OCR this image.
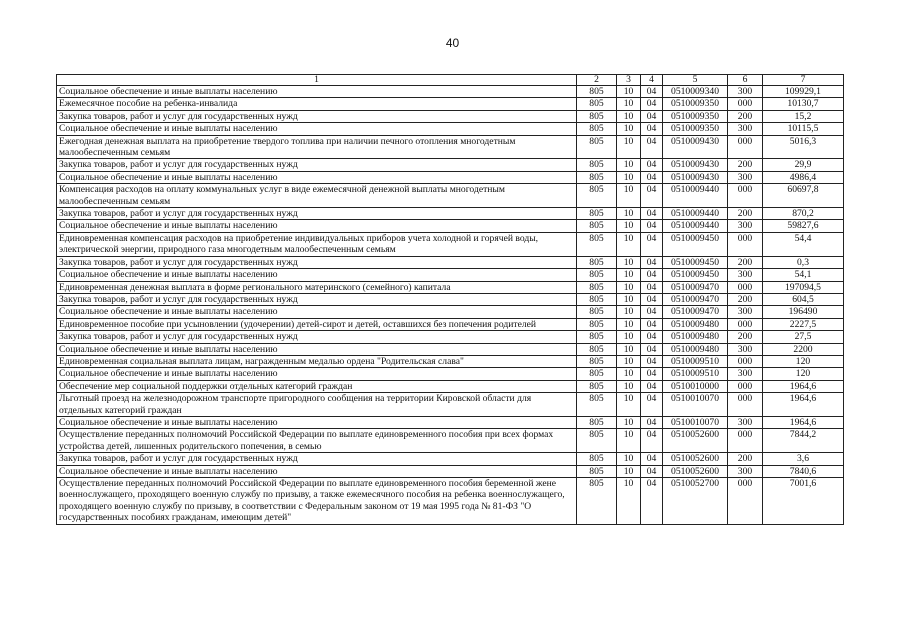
40
1	2	3	4	5	6	7
Социальное обеспечение и иные выплаты населению	805	10	04	0510009340	300	109929,1
Ежемесячное пособие на ребенка-инвалида	805	10	04	0510009350	000	10130,7
Закупка товаров, работ и услуг для государственных нужд	805	10	04	0510009350	200	15,2
Социальное обеспечение и иные выплаты населению	805	10	04	0510009350	300	10115,5
Ежегодная денежная выплата на приобретение твердого топлива при наличии печного отопления многодетным малообеспеченным семьям	805	10	04	0510009430	000	5016,3
Закупка товаров, работ и услуг для государственных нужд	805	10	04	0510009430	200	29,9
Социальное обеспечение и иные выплаты населению	805	10	04	0510009430	300	4986,4
Компенсация расходов на оплату коммунальных услуг в виде ежемесячной денежной выплаты многодетным малообеспеченным семьям	805	10	04	0510009440	000	60697,8
Закупка товаров, работ и услуг для государственных нужд	805	10	04	0510009440	200	870,2
Социальное обеспечение и иные выплаты населению	805	10	04	0510009440	300	59827,6
Единовременная компенсация расходов на приобретение индивидуальных приборов учета холодной и горячей воды, электрической энергии, природного газа многодетным малообеспеченным семьям	805	10	04	0510009450	000	54,4
Закупка товаров, работ и услуг для государственных нужд	805	10	04	0510009450	200	0,3
Социальное обеспечение и иные выплаты населению	805	10	04	0510009450	300	54,1
Единовременная денежная выплата в форме регионального материнского (семейного) капитала	805	10	04	0510009470	000	197094,5
Закупка товаров, работ и услуг для государственных нужд	805	10	04	0510009470	200	604,5
Социальное обеспечение и иные выплаты населению	805	10	04	0510009470	300	196490
Единовременное пособие при усыновлении (удочерении) детей-сирот и детей, оставшихся без попечения родителей	805	10	04	0510009480	000	2227,5
Закупка товаров, работ и услуг для государственных нужд	805	10	04	0510009480	200	27,5
Социальное обеспечение и иные выплаты населению	805	10	04	0510009480	300	2200
Единовременная социальная выплата лицам, награжденным медалью ордена "Родительская слава"	805	10	04	0510009510	000	120
Социальное обеспечение и иные выплаты населению	805	10	04	0510009510	300	120
Обеспечение мер социальной поддержки отдельных категорий граждан	805	10	04	0510010000	000	1964,6
Льготный проезд на железнодорожном транспорте пригородного сообщения на территории Кировской области для отдельных категорий граждан	805	10	04	0510010070	000	1964,6
Социальное обеспечение и иные выплаты населению	805	10	04	0510010070	300	1964,6
Осуществление переданных полномочий Российской Федерации по выплате единовременного пособия при всех формах устройства детей, лишенных родительского попечения, в семью	805	10	04	0510052600	000	7844,2
Закупка товаров, работ и услуг для государственных нужд	805	10	04	0510052600	200	3,6
Социальное обеспечение и иные выплаты населению	805	10	04	0510052600	300	7840,6
Осуществление переданных полномочий Российской Федерации по выплате единовременного пособия беременной жене военнослужащего, проходящего военную службу по призыву, а также ежемесячного пособия на ребенка военнослужащего, проходящего военную службу по призыву, в соответствии с Федеральным законом от 19 мая 1995 года № 81-ФЗ "О государственных пособиях гражданам, имеющим детей"	805	10	04	0510052700	000	7001,6
